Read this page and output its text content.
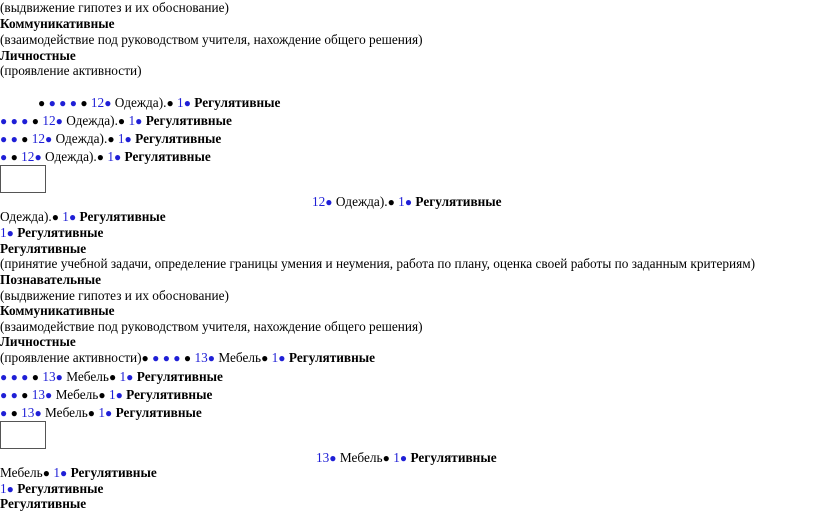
(выдвижение гипотез и их обоснование)
Коммуникативные
(взаимодействие под руководством учителя, нахождение общего решения)
Личностные
(проявление активности)
● ● ● ● ● 12● Одежда).● 1● Регулятивные
● ● ● ● 12● Одежда).● 1● Регулятивные
● ● ● 12● Одежда).● 1● Регулятивные
● ● 12● Одежда).● 1● Регулятивные
12● Одежда).● 1● Регулятивные
Одежда).● 1● Регулятивные
1● Регулятивные
Регулятивные
(принятие учебной задачи, определение границы умения и неумения, работа по плану, оценка своей работы по заданным критериям)
Познавательные
(выдвижение гипотез и их обоснование)
Коммуникативные
(взаимодействие под руководством учителя, нахождение общего решения)
Личностные
(проявление активности)● ● ● ● ● 13● Мебель● 1● Регулятивные
● ● ● ● 13● Мебель● 1● Регулятивные
● ● ● 13● Мебель● 1● Регулятивные
● ● 13● Мебель● 1● Регулятивные
13● Мебель● 1● Регулятивные
Мебель● 1● Регулятивные
1● Регулятивные
Регулятивные
